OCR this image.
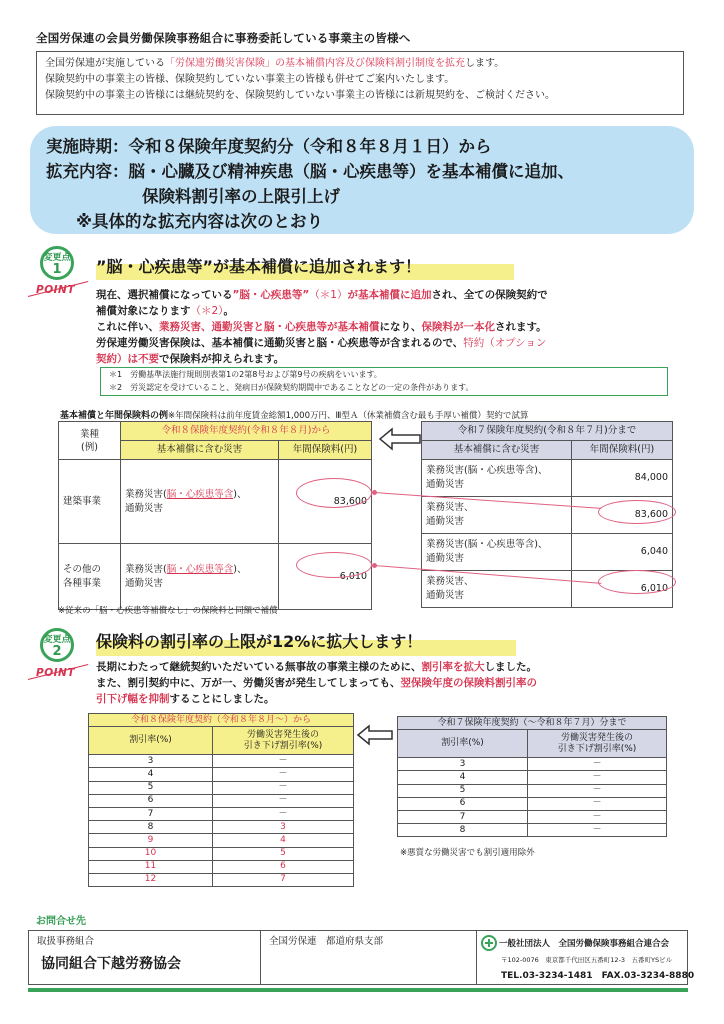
全国労保連の会員労働保険事務組合に事務委託している事業主の皆様へ
全国労保連が実施している「労保連労働災害保険」の基本補償内容及び保険料割引制度を拡充します。
保険契約中の事業主の皆様、保険契約していない事業主の皆様も併せてご案内いたします。
保険契約中の事業主の皆様には継続契約を、保険契約していない事業主の皆様には新規契約を、ご検討ください。
実施時期：令和８保険年度契約分（令和８年８月１日）から
拡充内容：脳・心臓及び精神疾患（脳・心疾患等）を基本補償に追加、
保険料割引率の上限引上げ
※具体的な拡充内容は次のとおり
変更点
1
POINT
”脳・心疾患等”が基本補償に追加されます！
現在、選択補償になっている”脳・心疾患等”（＊1）が基本補償に追加され、全ての保険契約で
補償対象になります（＊2）。
これに伴い、業務災害、通勤災害と脳・心疾患等が基本補償になり、保険料が一本化されます。
労保連労働災害保険は、基本補償に通勤災害と脳・心疾患等が含まれるので、特約（オプション
契約）は不要で保険料が抑えられます。
＊1　労働基準法施行規則別表第1の2第8号および第9号の疾病をいいます。
＊2　労災認定を受けていること、発病日が保険契約期間中であることなどの一定の条件があります。
基本補償と年間保険料の例※年間保険料は前年度賃金総額1,000万円、Ⅲ型Ａ（休業補償含む最も手厚い補償）契約で試算
業種
(例)	令和８保険年度契約(令和８年８月)から	
	基本補償に含む災害	年間保険料(円)
建築事業	業務災害(脳・心疾患等含)、
通勤災害	83,600
その他の
各種事業	業務災害(脳・心疾患等含)、
通勤災害	6,010
令和７保険年度契約(令和８年７月)分まで	
基本補償に含む災害	年間保険料(円)
業務災害(脳・心疾患等含)、
通勤災害	84,000
業務災害、
通勤災害	83,600
業務災害(脳・心疾患等含)、
通勤災害	6,040
業務災害、
通勤災害	6,010
※従来の「脳・心疾患等補償なし」の保険料と同額で補償
変更点
2
POINT
保険料の割引率の上限が12%に拡大します！
長期にわたって継続契約いただいている無事故の事業主様のために、割引率を拡大しました。
また、割引契約中に、万が一、労働災害が発生してしまっても、翌保険年度の保険料割引率の
引下げ幅を抑制することにしました。
令和８保険年度契約（令和８年８月～）から	
割引率(%)	労働災害発生後の
引き下げ割引率(%)
3	－
4	－
5	－
6	－
7	－
8	3
9	4
10	5
11	6
12	7
令和７保険年度契約（～令和８年７月）分まで	
割引率(%)	労働災害発生後の
引き下げ割引率(%)
3	－
4	－
5	－
6	－
7	－
8	－
※悪質な労働災害でも割引適用除外
お問合せ先
取扱事務組合
協同組合下越労務協会
全国労保連　都道府県支部	一般社団法人　全国労働保険事務組合連合会
〒102-0076　東京都千代田区五番町12-3　五番町YSビル
TEL.03-3234-1481　 FAX.03-3234-8880
